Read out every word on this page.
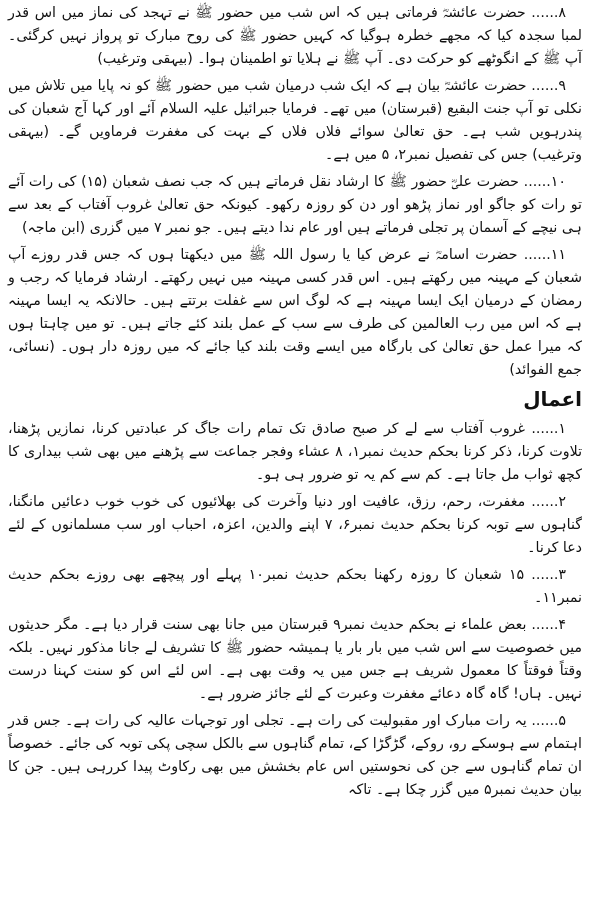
۸...... حضرت عائشہؓ فرماتی ہیں کہ اس شب میں حضور ﷺ نے تہجد کی نماز میں اس قدر لمبا سجدہ کیا کہ مجھے خطرہ ہوگیا کہ کہیں حضور ﷺ کی روح مبارک تو پرواز نہیں کرگئی۔ آپ ﷺ کے انگوٹھے کو حرکت دی۔ آپ ﷺ نے ہلایا تو اطمینان ہوا۔ (بیہقی وترغیب)

۹...... حضرت عائشہؓ بیان ہے کہ ایک شب درمیان شب میں حضور ﷺ کو نہ پایا میں تلاش میں نکلی تو آپ جنت البقیع (قبرستان) میں تھے۔ فرمایا جبرائیل علیہ السلام آئے اور کہا آج شعبان کی پندرہویں شب ہے۔ حق تعالیٰ سوائے فلاں فلاں کے بہت کی مغفرت فرماویں گے۔ (بیہقی وترغیب) جس کی تفصیل نمبر۲، ۵ میں ہے۔

۱۰...... حضرت علیؓ حضور ﷺ کا ارشاد نقل فرماتے ہیں کہ جب نصف شعبان (۱۵) کی رات آئے تو رات کو جاگو اور نماز پڑھو اور دن کو روزہ رکھو۔ کیونکہ حق تعالیٰ غروب آفتاب کے بعد سے ہی نیچے کے آسمان پر تجلی فرماتے ہیں اور عام ندا دیتے ہیں۔ جو نمبر ۷ میں گزری (ابن ماجہ)

۱۱...... حضرت اسامہؓ نے عرض کیا یا رسول اللہ ﷺ میں دیکھتا ہوں کہ جس قدر روزے آپ شعبان کے مہینہ میں رکھتے ہیں۔ اس قدر کسی مہینہ میں نہیں رکھتے۔ ارشاد فرمایا کہ رجب و رمضان کے درمیان ایک ایسا مہینہ ہے کہ لوگ اس سے غفلت برتتے ہیں۔ حالانکہ یہ ایسا مہینہ ہے کہ اس میں رب العالمین کی طرف سے سب کے عمل بلند کئے جاتے ہیں۔ تو میں چاہتا ہوں کہ میرا عمل حق تعالیٰ کی بارگاہ میں ایسے وقت بلند کیا جائے کہ میں روزہ دار ہوں۔ (نسائی، جمع الفوائد)

اعمال

۱...... غروب آفتاب سے لے کر صبح صادق تک تمام رات جاگ کر عبادتیں کرنا، نمازیں پڑھنا، تلاوت کرنا، ذکر کرنا بحکم حدیث نمبر۱، ۸ عشاء وفجر جماعت سے پڑھنے میں بھی شب بیداری کا کچھ ثواب مل جاتا ہے۔ کم سے کم یہ تو ضرور ہی ہو۔

۲...... مغفرت، رحم، رزق، عافیت اور دنیا وآخرت کی بھلائیوں کی خوب خوب دعائیں مانگنا، گناہوں سے توبہ کرنا بحکم حدیث نمبر۶، ۷ اپنے والدین، اعزہ، احباب اور سب مسلمانوں کے لئے دعا کرنا۔

۳...... ۱۵ شعبان کا روزہ رکھنا بحکم حدیث نمبر۱۰ پہلے اور پیچھے بھی روزے بحکم حدیث نمبر۱۱۔

۴...... بعض علماء نے بحکم حدیث نمبر۹ قبرستان میں جانا بھی سنت قرار دیا ہے۔ مگر حدیثوں میں خصوصیت سے اس شب میں بار بار یا ہمیشہ حضور ﷺ کا تشریف لے جانا مذکور نہیں۔ بلکہ وقتاً فوقتاً کا معمول شریف ہے جس میں یہ وقت بھی ہے۔ اس لئے اس کو سنت کہنا درست نہیں۔ ہاں! گاہ گاہ دعائے مغفرت وعبرت کے لئے جائز ضرور ہے۔

۵...... یہ رات مبارک اور مقبولیت کی رات ہے۔ تجلی اور توجہات عالیہ کی رات ہے۔ جس قدر اہتمام سے ہوسکے رو، روکے، گڑگڑا کے، تمام گناہوں سے بالکل سچی پکی توبہ کی جائے۔ خصوصاً ان تمام گناہوں سے جن کی نحوستیں اس عام بخشش میں بھی رکاوٹ پیدا کررہی ہیں۔ جن کا بیان حدیث نمبر۵ میں گزر چکا ہے۔ تاکہ
